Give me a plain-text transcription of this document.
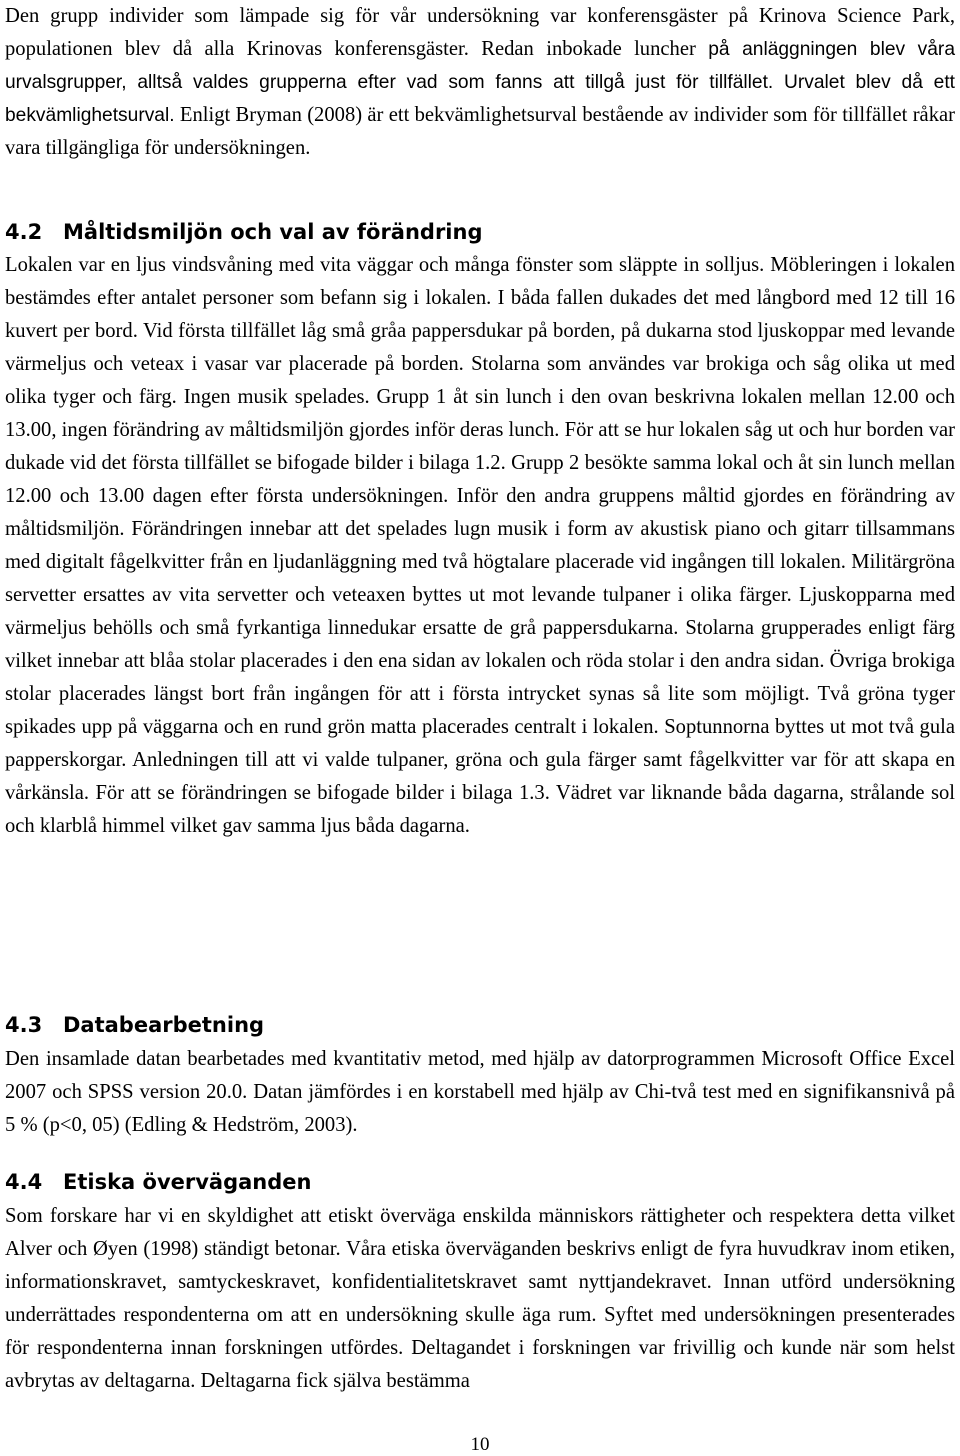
Den grupp individer som lämpade sig för vår undersökning var konferensgäster på Krinova Science Park, populationen blev då alla Krinovas konferensgäster. Redan inbokade luncher på anläggningen blev våra urvalsgrupper, alltså valdes grupperna efter vad som fanns att tillgå just för tillfället. Urvalet blev då ett bekvämlighetsurval. Enligt Bryman (2008) är ett bekvämlighetsurval bestående av individer som för tillfället råkar vara tillgängliga för undersökningen.

4.2 Måltidsmiljön och val av förändring

Lokalen var en ljus vindsvåning med vita väggar och många fönster som släppte in solljus. Möbleringen i lokalen bestämdes efter antalet personer som befann sig i lokalen. I båda fallen dukades det med långbord med 12 till 16 kuvert per bord. Vid första tillfället låg små gråa pappersdukar på borden, på dukarna stod ljuskoppar med levande värmeljus och veteax i vasar var placerade på borden. Stolarna som användes var brokiga och såg olika ut med olika tyger och färg. Ingen musik spelades. Grupp 1 åt sin lunch i den ovan beskrivna lokalen mellan 12.00 och 13.00, ingen förändring av måltidsmiljön gjordes inför deras lunch. För att se hur lokalen såg ut och hur borden var dukade vid det första tillfället se bifogade bilder i bilaga 1.2. Grupp 2 besökte samma lokal och åt sin lunch mellan 12.00 och 13.00 dagen efter första undersökningen. Inför den andra gruppens måltid gjordes en förändring av måltidsmiljön. Förändringen innebar att det spelades lugn musik i form av akustisk piano och gitarr tillsammans med digitalt fågelkvitter från en ljudanläggning med två högtalare placerade vid ingången till lokalen. Militärgröna servetter ersattes av vita servetter och veteaxen byttes ut mot levande tulpaner i olika färger. Ljuskopparna med värmeljus behölls och små fyrkantiga linnedukar ersatte de grå pappersdukarna. Stolarna grupperades enligt färg vilket innebar att blåa stolar placerades i den ena sidan av lokalen och röda stolar i den andra sidan. Övriga brokiga stolar placerades längst bort från ingången för att i första intrycket synas så lite som möjligt. Två gröna tyger spikades upp på väggarna och en rund grön matta placerades centralt i lokalen. Soptunnorna byttes ut mot två gula papperskorgar. Anledningen till att vi valde tulpaner, gröna och gula färger samt fågelkvitter var för att skapa en vårkänsla. För att se förändringen se bifogade bilder i bilaga 1.3. Vädret var liknande båda dagarna, strålande sol och klarblå himmel vilket gav samma ljus båda dagarna.

4.3 Databearbetning

Den insamlade datan bearbetades med kvantitativ metod, med hjälp av datorprogrammen Microsoft Office Excel 2007 och SPSS version 20.0. Datan jämfördes i en korstabell med hjälp av Chi-två test med en signifikansnivå på 5 % (p<0, 05) (Edling & Hedström, 2003).

4.4 Etiska överväganden

Som forskare har vi en skyldighet att etiskt överväga enskilda människors rättigheter och respektera detta vilket Alver och Øyen (1998) ständigt betonar. Våra etiska överväganden beskrivs enligt de fyra huvudkrav inom etiken, informationskravet, samtyckeskravet, konfidentialitetskravet samt nyttjandekravet. Innan utförd undersökning underrättades respondenterna om att en undersökning skulle äga rum. Syftet med undersökningen presenterades för respondenterna innan forskningen utfördes. Deltagandet i forskningen var frivillig och kunde när som helst avbrytas av deltagarna. Deltagarna fick själva bestämma

10
